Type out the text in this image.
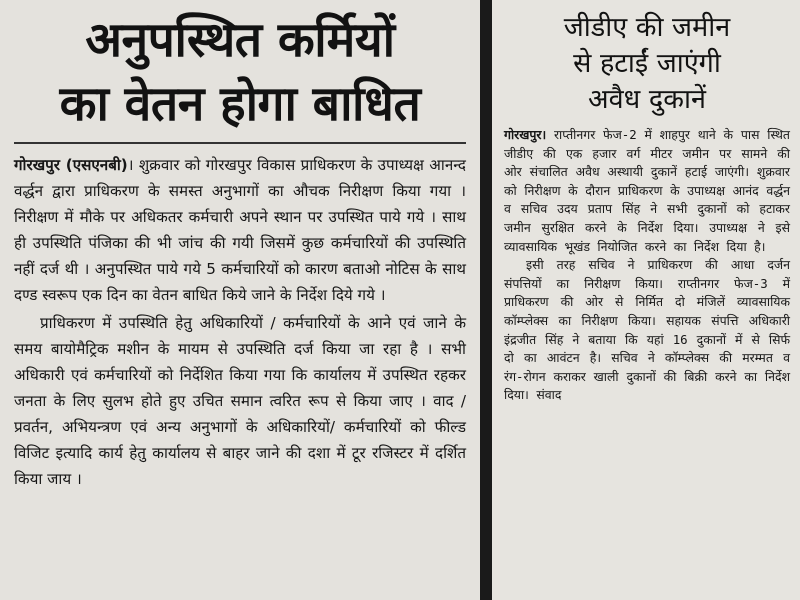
अनुपस्थित कर्मियों
का वेतन होगा बाधित

गोरखपुर (एसएनबी)। शुक्रवार को गोरखपुर विकास प्राधिकरण के उपाध्यक्ष आनन्द वर्द्धन द्वारा प्राधिकरण के समस्त अनुभागों का औचक निरीक्षण किया गया । निरीक्षण में मौके पर अधिकतर कर्मचारी अपने स्थान पर उपस्थित पाये गये । साथ ही उपस्थिति पंजिका की भी जांच की गयी जिसमें कुछ कर्मचारियों की उपस्थिति नहीं दर्ज थी । अनुपस्थित पाये गये 5 कर्मचारियों को कारण बताओ नोटिस के साथ दण्ड स्वरूप एक दिन का वेतन बाधित किये जाने के निर्देश दिये गये ।

प्राधिकरण में उपस्थिति हेतु अधिकारियों / कर्मचारियों के आने एवं जाने के समय बायोमैट्रिक मशीन के मायम से उपस्थिति दर्ज किया जा रहा है । सभी अधिकारी एवं कर्मचारियों को निर्देशित किया गया कि कार्यालय में उपस्थित रहकर जनता के लिए सुलभ होते हुए उचित समान त्वरित रूप से किया जाए । वाद / प्रवर्तन, अभियन्त्रण एवं अन्य अनुभागों के अधिकारियों/ कर्मचारियों को फील्ड विजिट इत्यादि कार्य हेतु कार्यालय से बाहर जाने की दशा में टूर रजिस्टर में दर्शित किया जाय ।

जीडीए की जमीन
से हटाईं जाएंगी
अवैध दुकानें

गोरखपुर। राप्तीनगर फेज-2 में शाहपुर थाने के पास स्थित जीडीए की एक हजार वर्ग मीटर जमीन पर सामने की ओर संचालित अवैध अस्थायी दुकानें हटाई जाएंगी। शुक्रवार को निरीक्षण के दौरान प्राधिकरण के उपाध्यक्ष आनंद वर्द्धन व सचिव उदय प्रताप सिंह ने सभी दुकानों को हटाकर जमीन सुरक्षित करने के निर्देश दिया। उपाध्यक्ष ने इसे व्यावसायिक भूखंड नियोजित करने का निर्देश दिया है।

इसी तरह सचिव ने प्राधिकरण की आधा दर्जन संपत्तियों का निरीक्षण किया। राप्तीनगर फेज-3 में प्राधिकरण की ओर से निर्मित दो मंजिलें व्यावसायिक कॉम्प्लेक्स का निरीक्षण किया। सहायक संपत्ति अधिकारी इंद्रजीत सिंह ने बताया कि यहां 16 दुकानों में से सिर्फ दो का आवंटन है। सचिव ने कॉम्प्लेक्स की मरम्मत व रंग-रोगन कराकर खाली दुकानों की बिक्री करने का निर्देश दिया। संवाद
